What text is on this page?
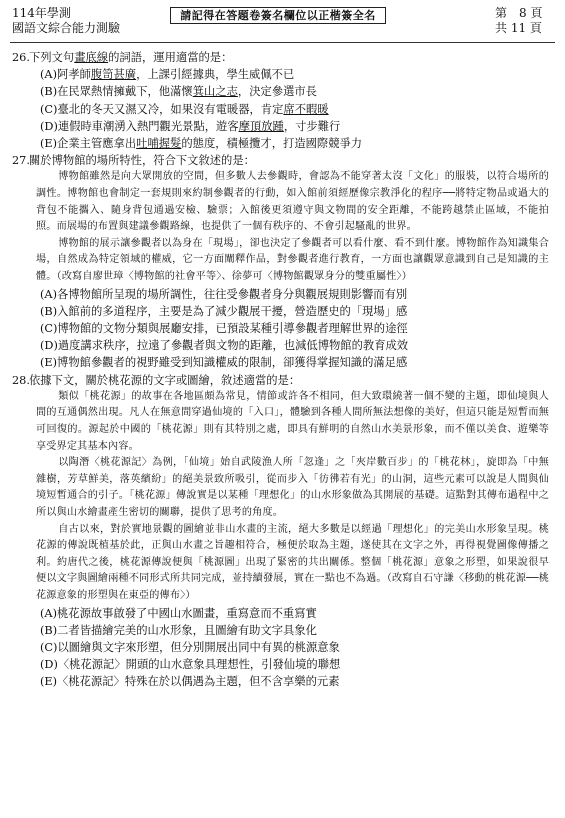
114年學測
國語文綜合能力測驗
請記得在答題卷簽名欄位以正楷簽全名	第　8 頁
共 11 頁
26. 下列文句畫底線的詞語，運用適當的是：
(A)阿孝師腹笥甚廣，上課引經據典，學生威佩不已
(B)在民眾熱情擁戴下，他滿懷箕山之志，決定參選市長
(C)臺北的冬天又濕又冷，如果沒有電暖器，肯定席不暇暖
(D)連假時車潮湧入熱門觀光景點，遊客摩頂放踵，寸步難行
(E)企業主管應拿出吐哺握髮的態度，積極攬才，打造國際競爭力
27. 關於博物館的場所特性，符合下文敘述的是：

博物館雖然是向大眾開放的空間，但多數人去參觀時，會認為不能穿著太沒「文化」的服裝，以符合場所的調性。博物館也會制定一套規則來約制參觀者的行動，如入館前須經歷像宗教淨化的程序──將特定物品或過大的背包不能攜入、隨身背包通過安檢、驗票；入館後更須遵守與文物間的安全距離，不能跨越禁止區域，不能拍照。而展場的布置與建議參觀路線，也提供了一個有秩序的、不會引起騷亂的世界。

博物館的展示讓參觀者以為身在「現場」，卻也決定了參觀者可以看什麼、看不到什麼。博物館作為知識集合場，自然成為特定領域的權威，它一方面闡釋作品，對參觀者進行教育，一方面也讓觀眾意識到自己是知識的主體。（改寫自廖世璋〈博物館的社會平等〉、徐夢可〈博物館觀眾身分的雙重屬性〉）

(A)各博物館所呈現的場所調性，往往受參觀者身分與觀展規則影響而有別
(B)入館前的多道程序，主要是為了減少觀展干擾，營造歷史的「現場」感
(C)博物館的文物分類與展廳安排，已預設某種引導參觀者理解世界的途徑
(D)過度講求秩序，拉遠了參觀者與文物的距離，也減低博物館的教育成效
(E)博物館參觀者的視野雖受到知識權威的限制，卻獲得掌握知識的滿足感
28. 依據下文，關於桃花源的文字或圖繪，敘述適當的是：

類似「桃花源」的故事在各地區頗為常見，情節或許各不相同，但大致環繞著一個不變的主題，即仙境與人間的互通偶然出現。凡人在無意間穿過仙境的「入口」，體驗到各種人間所無法想像的美好，但這只能是短暫而無可回復的。源起於中國的「桃花源」則有其特別之處，即具有鮮明的自然山水美景形象，而不僅以美食、遊樂等享受界定其基本內容。

以陶潛〈桃花源記〉為例，「仙境」始自武陵漁人所「忽逢」之「夾岸數百步」的「桃花林」，旋即為「中無雜樹，芳草鮮美，落英繽紛」的絕美景致所吸引，從而步入「彷彿若有光」的山洞，這些元素可以說是人間與仙境短暫通合的引子。「桃花源」傳說實是以某種「理想化」的山水形象做為其開展的基礎。這點對其傳布過程中之所以與山水繪畫產生密切的關聯，提供了思考的角度。

自古以來，對於實地景觀的圖繪並非山水畫的主流，絕大多數是以經過「理想化」的完美山水形象呈現。桃花源的傳說既植基於此，正與山水畫之旨趣相符合，極便於取為主題，遂使其在文字之外，再得視覺圖像傳播之利。約唐代之後，桃花源傳說便與「桃源圖」出現了緊密的共出關係。整個「桃花源」意象之形塑，如果說很早便以文字與圖繪兩種不同形式所共同完成，並持續發展，實在一點也不為過。（改寫自石守謙〈移動的桃花源──桃花源意象的形塑與在東亞的傳布〉）

(A)桃花源故事啟發了中國山水圖畫，重寫意而不重寫實
(B)二者皆描繪完美的山水形象，且圖繪有助文字具象化
(C)以圖繪與文字來形塑，但分別開展出同中有異的桃源意象
(D)〈桃花源記〉開頭的山水意象具理想性，引發仙境的聯想
(E)〈桃花源記〉特殊在於以偶遇為主題，但不含享樂的元素
